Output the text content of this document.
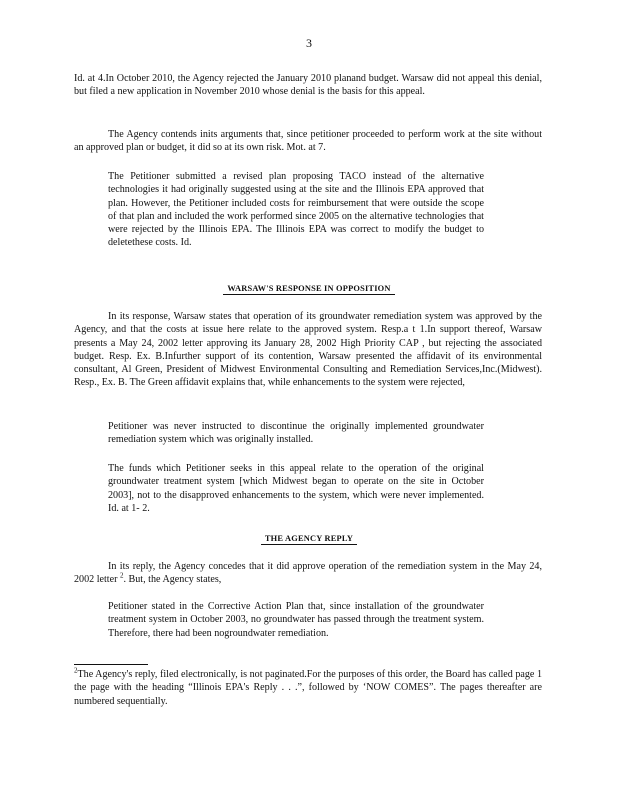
3

Id. at 4.In October 2010, the Agency rejected the January 2010 planand budget. Warsaw did not appeal this denial, but filed a new application in November 2010 whose denial is the basis for this appeal.

The Agency contends inits arguments that, since petitioner proceeded to perform work at the site without an approved plan or budget, it did so at its own risk. Mot. at 7.

The Petitioner submitted a revised plan proposing TACO instead of the alternative technologies it had originally suggested using at the site and the Illinois EPA approved that plan. However, the Petitioner included costs for reimbursement that were outside the scope of that plan and included the work performed since 2005 on the alternative technologies that were rejected by the Illinois EPA. The Illinois EPA was correct to modify the budget to deletethese costs. Id.

WARSAW'S RESPONSE IN OPPOSITION

In its response, Warsaw states that operation of its groundwater remediation system was approved by the Agency, and that the costs at issue here relate to the approved system. Resp.a t 1.In support thereof, Warsaw presents a May 24, 2002 letter approving its January 28, 2002 High Priority CAP , but rejecting the associated budget. Resp. Ex. B.Infurther support of its contention, Warsaw presented the affidavit of its environmental consultant, Al Green, President of Midwest Environmental Consulting and Remediation Services,Inc.(Midwest). Resp., Ex. B. The Green affidavit explains that, while enhancements to the system were rejected,

Petitioner was never instructed to discontinue the originally implemented groundwater remediation system which was originally installed.

The funds which Petitioner seeks in this appeal relate to the operation of the original groundwater treatment system [which Midwest began to operate on the site in October 2003], not to the disapproved enhancements to the system, which were never implemented. Id. at 1- 2.

THE AGENCY REPLY

In its reply, the Agency concedes that it did approve operation of the remediation system in the May 24, 2002 letter $^2$. But, the Agency states,

Petitioner stated in the Corrective Action Plan that, since installation of the groundwater treatment system in October 2003, no groundwater has passed through the treatment system. Therefore, there had been nogroundwater remediation.

$^2$The Agency's reply, filed electronically, is not paginated.For the purposes of this order, the Board has called page 1 the page with the heading “Illinois EPA's Reply . . .”, followed by ‘NOW COMES”. The pages thereafter are numbered sequentially.
